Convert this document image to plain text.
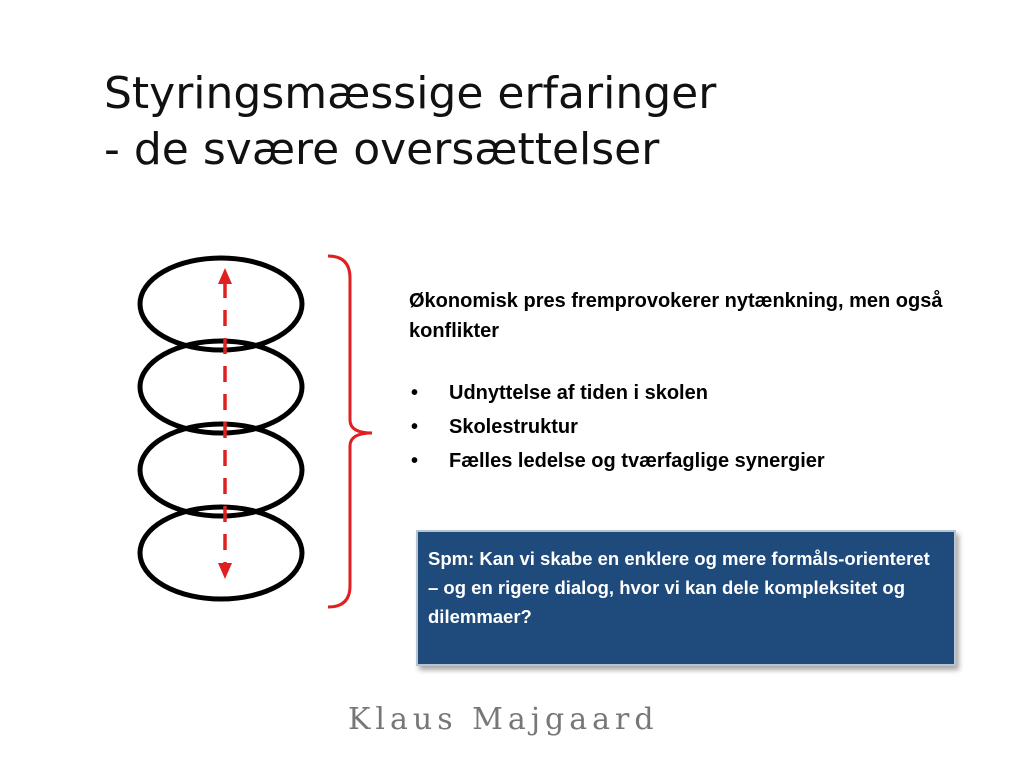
Styringsmæssige erfaringer
- de svære oversættelser

Økonomisk pres fremprovokerer nytænkning, men også konflikter

• Udnyttelse af tiden i skolen
• Skolestruktur
• Fælles ledelse og tværfaglige synergier
Spm: Kan vi skabe en enklere og mere formåls-orienteret – og en rigere dialog, hvor vi kan dele kompleksitet og dilemmaer?
Klaus Majgaard
